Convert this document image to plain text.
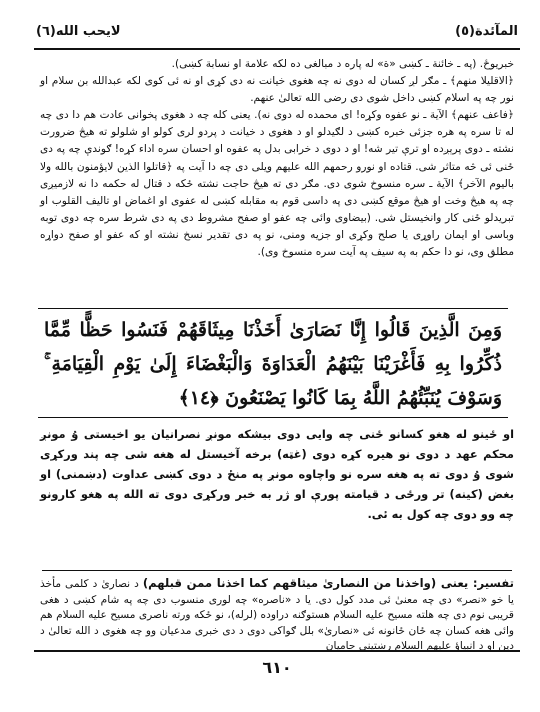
المآئدة(٥)
لايحب الله(٦)

خبریوځ. (په ـ خائنة ـ کښی «ة» له پاره د مبالغی ده لکه علامة او نسابة کښی).

﴿الاقلیلا منهم﴾ ـ مګر لږ کسان له دوی نه چه هغوی خیانت نه دی کړی او نه ئی کوی لکه عبدالله بن سلام او نور چه په اسلام کښی داخل شوی دی رضی الله تعالیٰ عنهم.

﴿فاعف عنهم﴾ الآیة ـ نو عفوه وکړه! ای محمده له دوی نه). یعنی کله چه د هغوی پخوانی عادت هم دا دی چه له تا سره په هره جزئی خبره کښی د لګیدلو او د هغوی د خیانت د پردو لری کولو او شلولو ته هیڅ ضرورت نشته ـ دوی پرېږده او ترې تیر شه! او د دوی د خرابی بدل په عفوه او احسان سره اداء کړه! ګوندې چه په دی ځنی ئی څه متاثر شی. قتاده او نورو رحمهم الله علیهم ویلی دی چه دا آیت په ﴿قاتلوا الذین لایؤمنون بالله ولا بالیوم الآخر﴾ الآیة ـ سره منسوخ شوی دی. مګر دی ته هیڅ حاجت نشته ځکه د قتال له حکمه دا نه لازمیږی چه په هیڅ وخت او هیڅ موقع کښی دی په داسی قوم به مقابله کښی له عفوی او اغماض او تالیف القلوب او تبریدلو ځنی کار وانخیستل شی. (بیضاوی وائی چه عفو او صفح مشروط دی په دی شرط سره چه دوی توبه وباسی او ایمان راوړی یا صلح وکړی او جزیه ومنی، نو په دی تقدیر نسخ نشته او که عفو او صفح دواړه مطلق وی، نو دا حکم به په سیف په آیت سره منسوخ وی).

وَمِنَ الَّذِينَ قَالُوا إِنَّا نَصَارَىٰ أَخَذْنَا مِيثَاقَهُمْ فَنَسُوا حَظًّا مِّمَّا ذُكِّرُوا بِهِ فَأَغْرَيْنَا بَيْنَهُمُ الْعَدَاوَةَ وَالْبَغْضَاءَ إِلَىٰ يَوْمِ الْقِيَامَةِ ۚ وَسَوْفَ يُنَبِّئُهُمُ اللَّهُ بِمَا كَانُوا يَصْنَعُونَ ﴿١٤﴾
او ځینو له هغو کسانو ځنی چه وایی دوی بیشکه مونږ نصرانیان یو اخیستی وُ مونږ محکم عهد د دوی نو هیره کړه دوی (غټه) برخه آخیستل له هغه شی چه پند ورکړی شوی وُ دوی ته په هغه سره نو واچاوه مونږ په منځ د دوی کښی عداوت (دښمنی) او بغض (کینه) تر ورځی د قیامته پورې او ژر به خبر ورکړی دوی ته الله په هغو کارونو چه وو دوی چه کول به ئی.
تفسیر: یعنی (واخذنا من النصاریٰ میثاقهم کما اخذنا ممن قبلهم) د نصاریٰ د کلمی مأخذ یا خو «نصر» دی چه معنیٰ ئی مدد کول دی. یا د «ناصره» چه لوری منسوب دی چه په شام کښی د هغی قریبی نوم دی چه هلته مسیح علیه السلام هستوګنه دراوده (لرله)، نو ځکه ورته ناصری مسیح علیه السلام هم وائی هغه کسان چه ځان ځانونه ئی «نصاریٰ» بلل ګواکی دوی د دی خبری مدعیان وو چه هغوی د الله تعالیٰ د دین او د انبیاؤ علیهم السلام رښتینی حامیان
٦١٠
